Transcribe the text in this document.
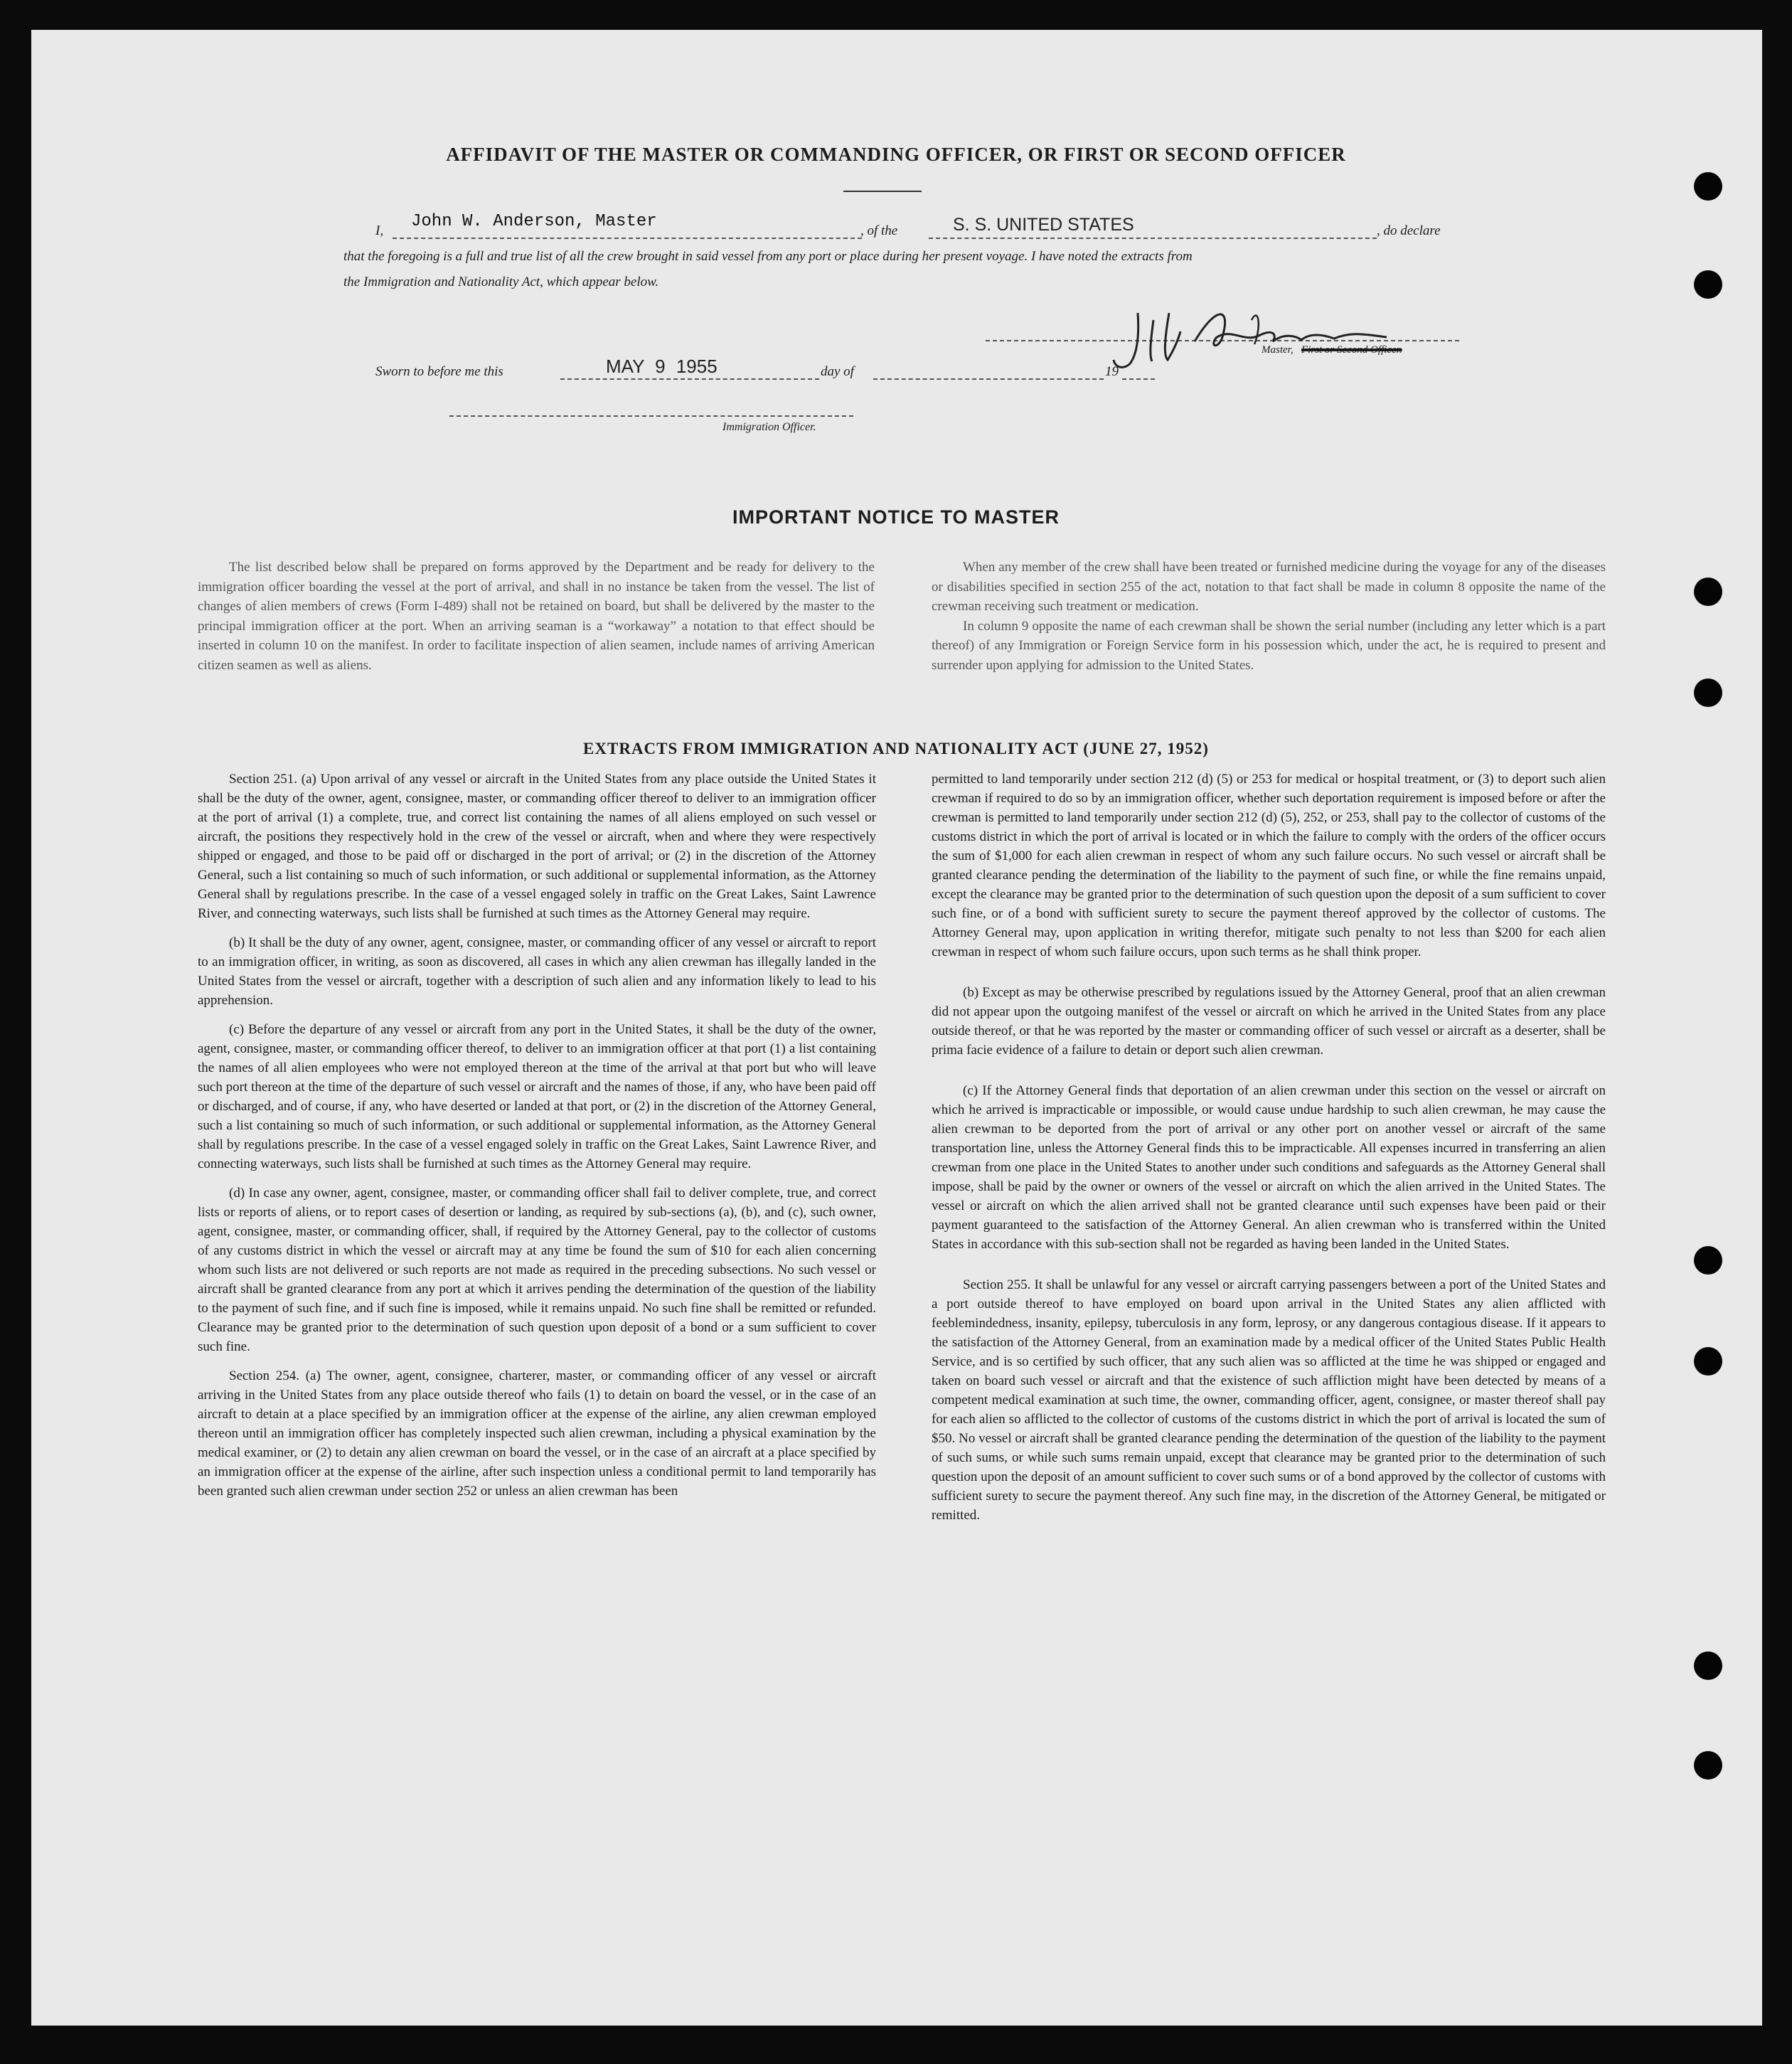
AFFIDAVIT OF THE MASTER OR COMMANDING OFFICER, OR FIRST OR SECOND OFFICER
I, John W. Anderson, Master	, of the	S. S. UNITED STATES	, do declare
that the foregoing is a full and true list of all the crew brought in said vessel from any port or place during her present voyage. I have noted the extracts from
the Immigration and Nationality Act, which appear below.
Master, First or Second Officer.
Sworn to before me this	MAY 9 1955	day of	19
Immigration Officer.
IMPORTANT NOTICE TO MASTER

The list described below shall be prepared on forms approved by the Department and be ready for delivery to the immigration officer boarding the vessel at the port of arrival, and shall in no instance be taken from the vessel. The list of changes of alien members of crews (Form I-489) shall not be retained on board, but shall be delivered by the master to the principal immigration officer at the port. When an arriving seaman is a “workaway” a notation to that effect should be inserted in column 10 on the manifest. In order to facilitate inspection of alien seamen, include names of arriving American citizen seamen as well as aliens.

When any member of the crew shall have been treated or furnished medicine during the voyage for any of the diseases or disabilities specified in section 255 of the act, notation to that fact shall be made in column 8 opposite the name of the crewman receiving such treatment or medication.

In column 9 opposite the name of each crewman shall be shown the serial number (including any letter which is a part thereof) of any Immigration or Foreign Service form in his possession which, under the act, he is required to present and surrender upon applying for admission to the United States.

EXTRACTS FROM IMMIGRATION AND NATIONALITY ACT (JUNE 27, 1952)

Section 251. (a) Upon arrival of any vessel or aircraft in the United States from any place outside the United States it shall be the duty of the owner, agent, consignee, master, or commanding officer thereof to deliver to an immigration officer at the port of arrival (1) a complete, true, and correct list containing the names of all aliens employed on such vessel or aircraft, the positions they respectively hold in the crew of the vessel or aircraft, when and where they were respectively shipped or engaged, and those to be paid off or discharged in the port of arrival; or (2) in the discretion of the Attorney General, such a list containing so much of such information, or such additional or supplemental information, as the Attorney General shall by regulations prescribe. In the case of a vessel engaged solely in traffic on the Great Lakes, Saint Lawrence River, and connecting waterways, such lists shall be furnished at such times as the Attorney General may require.

(b) It shall be the duty of any owner, agent, consignee, master, or commanding officer of any vessel or aircraft to report to an immigration officer, in writing, as soon as discovered, all cases in which any alien crewman has illegally landed in the United States from the vessel or aircraft, together with a description of such alien and any information likely to lead to his apprehension.

(c) Before the departure of any vessel or aircraft from any port in the United States, it shall be the duty of the owner, agent, consignee, master, or commanding officer thereof, to deliver to an immigration officer at that port (1) a list containing the names of all alien employees who were not employed thereon at the time of the arrival at that port but who will leave such port thereon at the time of the departure of such vessel or aircraft and the names of those, if any, who have been paid off or discharged, and of course, if any, who have deserted or landed at that port, or (2) in the discretion of the Attorney General, such a list containing so much of such information, or such additional or supplemental information, as the Attorney General shall by regulations prescribe. In the case of a vessel engaged solely in traffic on the Great Lakes, Saint Lawrence River, and connecting waterways, such lists shall be furnished at such times as the Attorney General may require.

(d) In case any owner, agent, consignee, master, or commanding officer shall fail to deliver complete, true, and correct lists or reports of aliens, or to report cases of desertion or landing, as required by sub-sections (a), (b), and (c), such owner, agent, consignee, master, or commanding officer, shall, if required by the Attorney General, pay to the collector of customs of any customs district in which the vessel or aircraft may at any time be found the sum of $10 for each alien concerning whom such lists are not delivered or such reports are not made as required in the preceding subsections. No such vessel or aircraft shall be granted clearance from any port at which it arrives pending the determination of the question of the liability to the payment of such fine, and if such fine is imposed, while it remains unpaid. No such fine shall be remitted or refunded. Clearance may be granted prior to the determination of such question upon deposit of a bond or a sum sufficient to cover such fine.

Section 254. (a) The owner, agent, consignee, charterer, master, or commanding officer of any vessel or aircraft arriving in the United States from any place outside thereof who fails (1) to detain on board the vessel, or in the case of an aircraft to detain at a place specified by an immigration officer at the expense of the airline, any alien crewman employed thereon until an immigration officer has completely inspected such alien crewman, including a physical examination by the medical examiner, or (2) to detain any alien crewman on board the vessel, or in the case of an aircraft at a place specified by an immigration officer at the expense of the airline, after such inspection unless a conditional permit to land temporarily has been granted such alien crewman under section 252 or unless an alien crewman has been

permitted to land temporarily under section 212 (d) (5) or 253 for medical or hospital treatment, or (3) to deport such alien crewman if required to do so by an immigration officer, whether such deportation requirement is imposed before or after the crewman is permitted to land temporarily under section 212 (d) (5), 252, or 253, shall pay to the collector of customs of the customs district in which the port of arrival is located or in which the failure to comply with the orders of the officer occurs the sum of $1,000 for each alien crewman in respect of whom any such failure occurs. No such vessel or aircraft shall be granted clearance pending the determination of the liability to the payment of such fine, or while the fine remains unpaid, except the clearance may be granted prior to the determination of such question upon the deposit of a sum sufficient to cover such fine, or of a bond with sufficient surety to secure the payment thereof approved by the collector of customs. The Attorney General may, upon application in writing therefor, mitigate such penalty to not less than $200 for each alien crewman in respect of whom such failure occurs, upon such terms as he shall think proper.

(b) Except as may be otherwise prescribed by regulations issued by the Attorney General, proof that an alien crewman did not appear upon the outgoing manifest of the vessel or aircraft on which he arrived in the United States from any place outside thereof, or that he was reported by the master or commanding officer of such vessel or aircraft as a deserter, shall be prima facie evidence of a failure to detain or deport such alien crewman.

(c) If the Attorney General finds that deportation of an alien crewman under this section on the vessel or aircraft on which he arrived is impracticable or impossible, or would cause undue hardship to such alien crewman, he may cause the alien crewman to be deported from the port of arrival or any other port on another vessel or aircraft of the same transportation line, unless the Attorney General finds this to be impracticable. All expenses incurred in transferring an alien crewman from one place in the United States to another under such conditions and safeguards as the Attorney General shall impose, shall be paid by the owner or owners of the vessel or aircraft on which the alien arrived in the United States. The vessel or aircraft on which the alien arrived shall not be granted clearance until such expenses have been paid or their payment guaranteed to the satisfaction of the Attorney General. An alien crewman who is transferred within the United States in accordance with this sub-section shall not be regarded as having been landed in the United States.

Section 255. It shall be unlawful for any vessel or aircraft carrying passengers between a port of the United States and a port outside thereof to have employed on board upon arrival in the United States any alien afflicted with feeblemindedness, insanity, epilepsy, tuberculosis in any form, leprosy, or any dangerous contagious disease. If it appears to the satisfaction of the Attorney General, from an examination made by a medical officer of the United States Public Health Service, and is so certified by such officer, that any such alien was so afflicted at the time he was shipped or engaged and taken on board such vessel or aircraft and that the existence of such affliction might have been detected by means of a competent medical examination at such time, the owner, commanding officer, agent, consignee, or master thereof shall pay for each alien so afflicted to the collector of customs of the customs district in which the port of arrival is located the sum of $50. No vessel or aircraft shall be granted clearance pending the determination of the question of the liability to the payment of such sums, or while such sums remain unpaid, except that clearance may be granted prior to the determination of such question upon the deposit of an amount sufficient to cover such sums or of a bond approved by the collector of customs with sufficient surety to secure the payment thereof. Any such fine may, in the discretion of the Attorney General, be mitigated or remitted.
